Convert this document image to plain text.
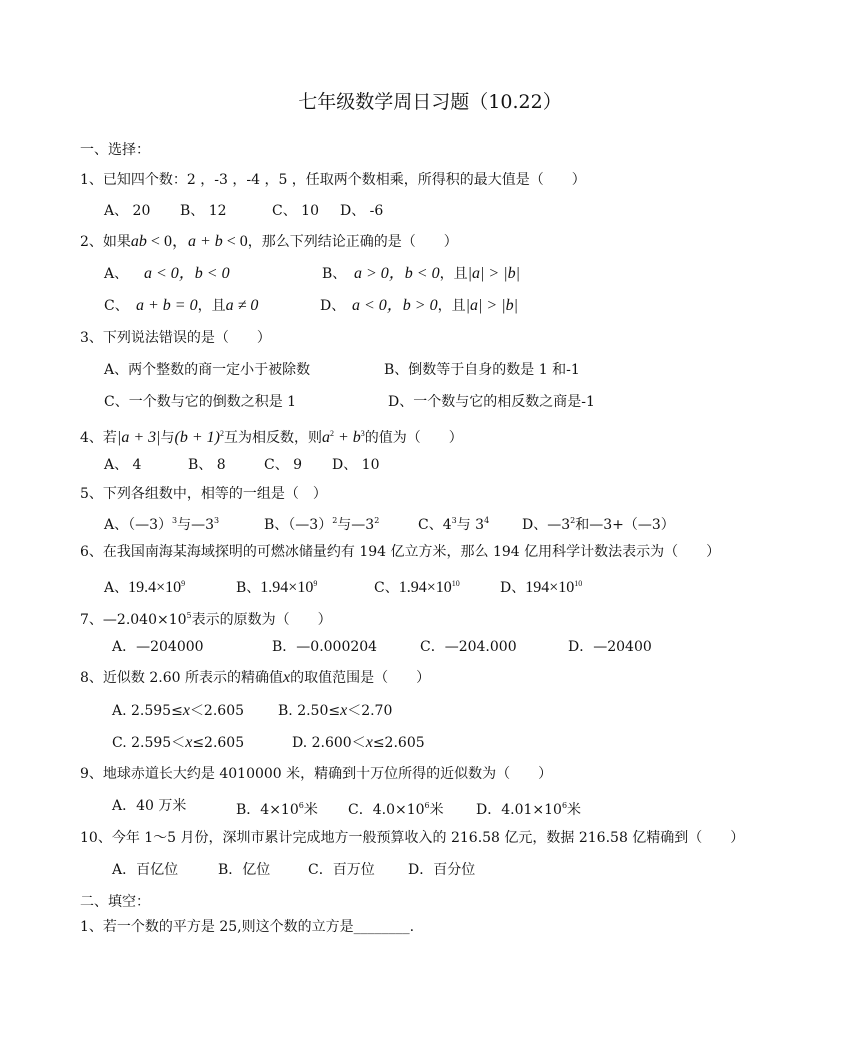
七年级数学周日习题（10.22）
一、选择：
1、已知四个数：2 ，-3 ，-4 ，5 ，任取两个数相乘，所得积的最大值是（　　）
A、 20 B、 12	C、 10 D、 -6
2、如果ab < 0，a + b < 0，那么下列结论正确的是（　　）
A、 a < 0，b < 0	B、 a > 0，b < 0，且|a| > |b|
C、 a + b = 0，且a ≠ 0	D、 a < 0，b > 0，且|a| > |b|
3、下列说法错误的是（　　）
A、两个整数的商一定小于被除数	B、倒数等于自身的数是 1 和-1
C、一个数与它的倒数之积是 1	D、一个数与它的相反数之商是-1
4、若|a + 3|与$(b + 1)^2$互为相反数，则$a^2 + b^3$的值为（　　）
A、 4	B、 8	C、 9 D、 10
5、下列各组数中，相等的一组是（　）
A、（—3）$^3$与$—3^3$	B、（—3）$^2$与$—3^2$	C、$4^3$与 $3^4$ D、$—3^2$和—3+（—3）
6、在我国南海某海域探明的可燃冰储量约有 194 亿立方米，那么 194 亿用科学计数法表示为（　　）
A、$19.4\times 10^9$	B、$1.94\times 10^9$	C、$1.94\times 10^{10}$	D、$194\times 10^{10}$
7、$—2.040\times 10^5$表示的原数为（　　）
A．—204000	B．—0.000204	C．—204.000	D．—20400
8、近似数 2.60 所表示的精确值x的取值范围是（　　）
A. 2.595≤x＜2.605 B. 2.50≤x＜2.70
C. 2.595＜x≤2.605	D. 2.600＜x≤2.605
9、地球赤道长大约是 4010000 米，精确到十万位所得的近似数为（　　）
A．40 万米	B．$4\times 10^6$米 C．$4.0\times 10^6$米 D．$4.01\times 10^6$米
10、今年 1～5 月份，深圳市累计完成地方一般预算收入的 216.58 亿元，数据 216.58 亿精确到（　　）
A．百亿位	B．亿位	C．百万位 D．百分位
二、填空：
1、若一个数的平方是 25,则这个数的立方是________.
